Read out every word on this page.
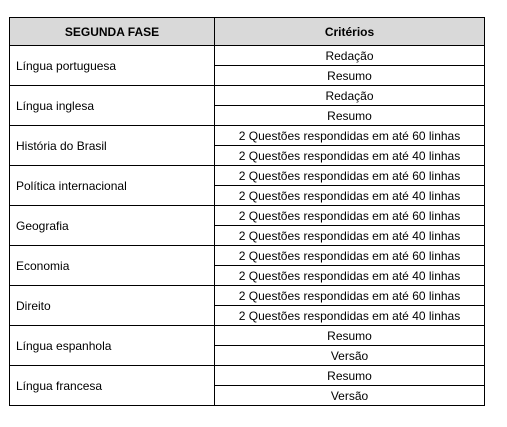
SEGUNDA FASE	Critérios
Língua portuguesa	Redação
	Resumo
Língua inglesa	Redação
	Resumo
História do Brasil	2 Questões respondidas em até 60 linhas
	2 Questões respondidas em até 40 linhas
Política internacional	2 Questões respondidas em até 60 linhas
	2 Questões respondidas em até 40 linhas
Geografia	2 Questões respondidas em até 60 linhas
	2 Questões respondidas em até 40 linhas
Economia	2 Questões respondidas em até 60 linhas
	2 Questões respondidas em até 40 linhas
Direito	2 Questões respondidas em até 60 linhas
	2 Questões respondidas em até 40 linhas
Língua espanhola	Resumo
	Versão
Língua francesa	Resumo
	Versão
